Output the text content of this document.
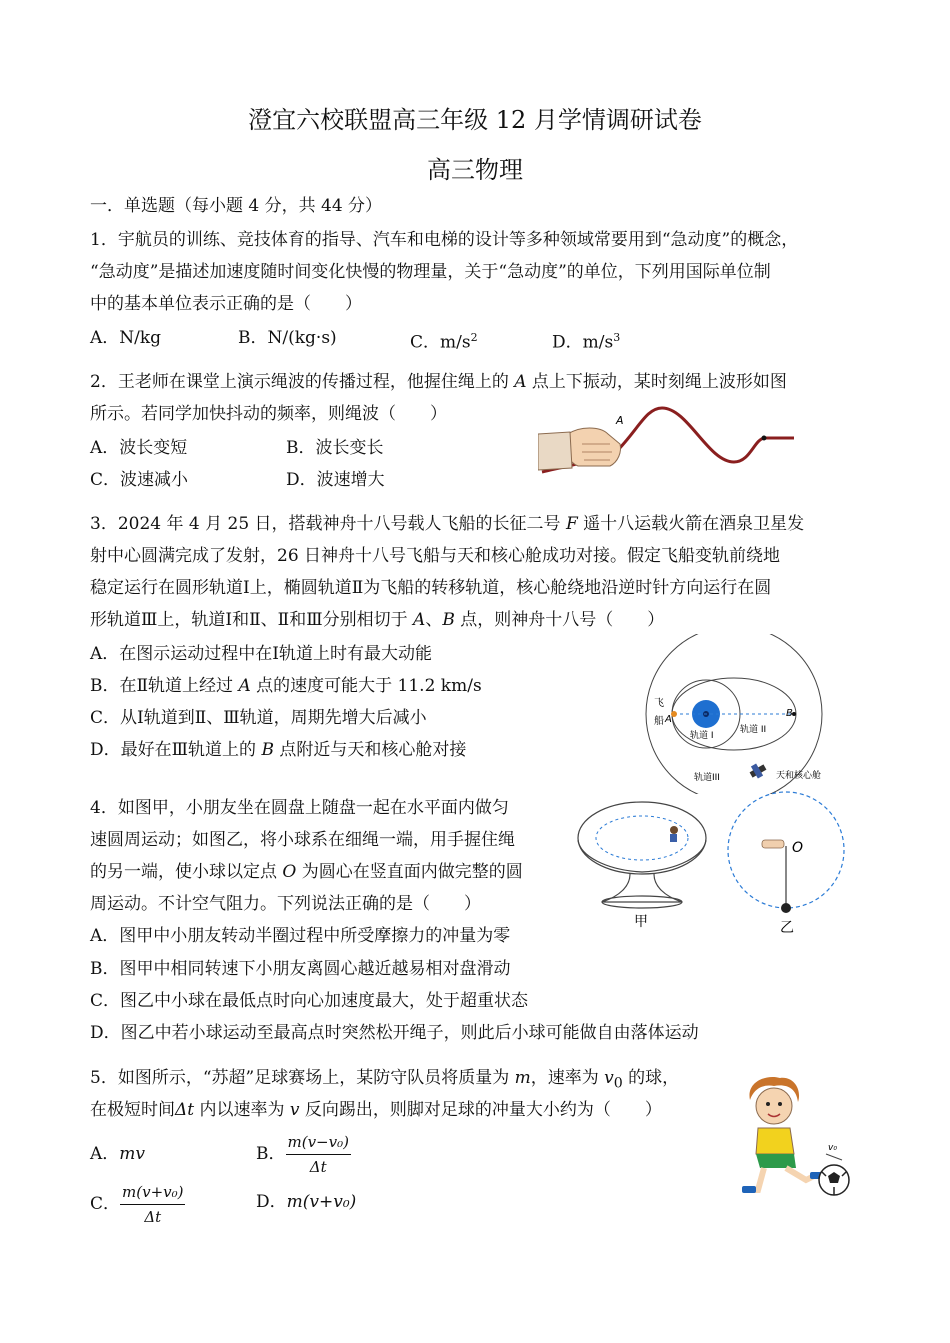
澄宜六校联盟高三年级 12 月学情调研试卷
高三物理
一．单选题（每小题 4 分，共 44 分）
1．宇航员的训练、竞技体育的指导、汽车和电梯的设计等多种领域常要用到“急动度”的概念，
“急动度”是描述加速度随时间变化快慢的物理量，关于“急动度”的单位，下列用国际单位制
中的基本单位表示正确的是（　　）
A．N/kg	B．N/(kg·s)	C．$m/s^2$	D．$m/s^3$
2．王老师在课堂上演示绳波的传播过程，他握住绳上的 A 点上下振动，某时刻绳上波形如图
所示。若同学加快抖动的频率，则绳波（　　）
A．波长变短	B．波长变长
C．波速减小	D．波速增大
A
3．2024 年 4 月 25 日，搭载神舟十八号载人飞船的长征二号 F 遥十八运载火箭在酒泉卫星发
射中心圆满完成了发射，26 日神舟十八号飞船与天和核心舱成功对接。假定飞船变轨前绕地
稳定运行在圆形轨道Ⅰ上，椭圆轨道Ⅱ为飞船的转移轨道，核心舱绕地沿逆时针方向运行在圆
形轨道Ⅲ上，轨道Ⅰ和Ⅱ、Ⅱ和Ⅲ分别相切于 A、B 点，则神舟十八号（　　）
A．在图示运动过程中在Ⅰ轨道上时有最大动能
B．在Ⅱ轨道上经过 A 点的速度可能大于 11.2 km/s
C．从Ⅰ轨道到Ⅱ、Ⅲ轨道，周期先增大后减小
D．最好在Ⅲ轨道上的 B 点附近与天和核心舱对接
飞
船 A
B
轨道 I
轨道 II
轨道III	天和核心舱
4．如图甲，小朋友坐在圆盘上随盘一起在水平面内做匀
速圆周运动；如图乙，将小球系在细绳一端，用手握住绳
的另一端，使小球以定点 O 为圆心在竖直面内做完整的圆
周运动。不计空气阻力。下列说法正确的是（　　）
A．图甲中小朋友转动半圈过程中所受摩擦力的冲量为零
B．图甲中相同转速下小朋友离圆心越近越易相对盘滑动
C．图乙中小球在最低点时向心加速度最大，处于超重状态
D．图乙中若小球运动至最高点时突然松开绳子，则此后小球可能做自由落体运动
甲
O
乙
5．如图所示，“苏超”足球赛场上，某防守队员将质量为 m，速率为 $v_0$ 的球，
在极短时间Δt 内以速率为 v 反向踢出，则脚对足球的冲量大小约为（　　）
A．mv	B． $\frac{\text{m(v−v₀)}}{\Delta t}$
C． $\frac{\text{m(v+v₀)}}{\Delta t}$	D．m(v+v₀)
v₀
